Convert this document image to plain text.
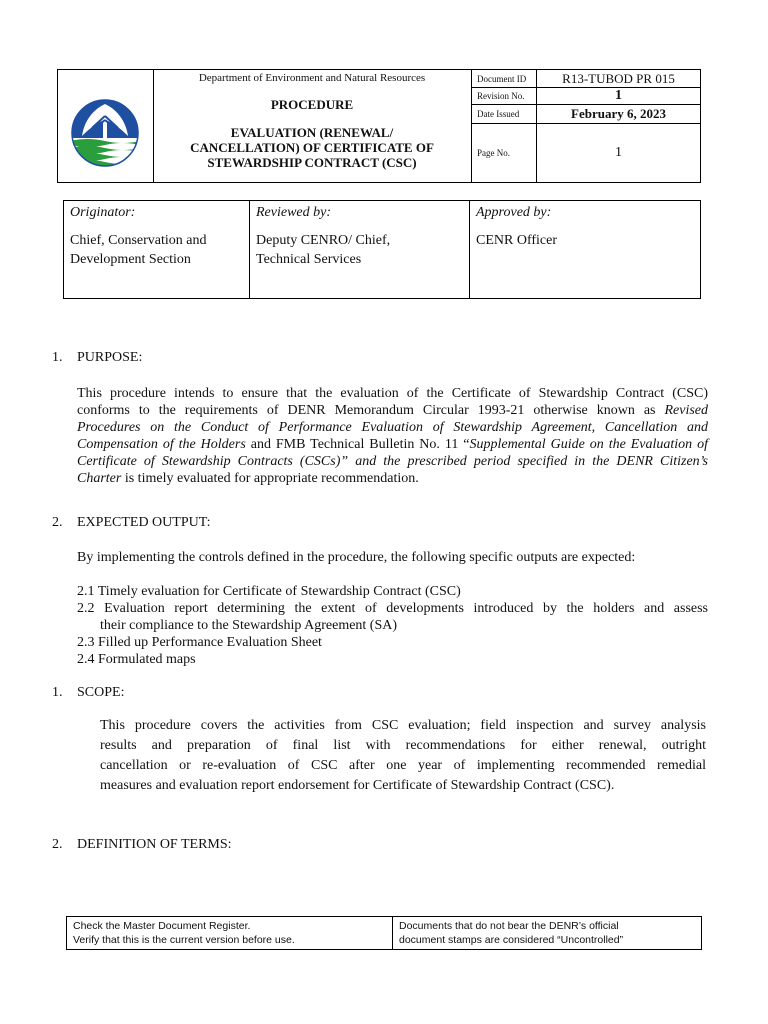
Department of Environment and Natural Resources
PROCEDURE
EVALUATION (RENEWAL/
CANCELLATION) OF CERTIFICATE OF
STEWARDSHIP CONTRACT (CSC)
Document ID	R13-TUBOD PR 015
Revision No.	1
Date Issued	February 6, 2023
Page No.	1
Originator:
Chief, Conservation and
Development Section
Reviewed by:
Deputy CENRO/ Chief,
Technical Services
Approved by:
CENR Officer
1. PURPOSE:
This procedure intends to ensure that the evaluation of the Certificate of Stewardship Contract (CSC)
conforms to the requirements of DENR Memorandum Circular 1993-21 otherwise known as Revised
Procedures on the Conduct of Performance Evaluation of Stewardship Agreement, Cancellation and
Compensation of the Holders and FMB Technical Bulletin No. 11 “Supplemental Guide on the Evaluation of
Certificate of Stewardship Contracts (CSCs)” and the prescribed period specified in the DENR Citizen’s
Charter is timely evaluated for appropriate recommendation.
2. EXPECTED OUTPUT:
By implementing the controls defined in the procedure, the following specific outputs are expected:
2.1 Timely evaluation for Certificate of Stewardship Contract (CSC)
2.2 Evaluation report determining the extent of developments introduced by the holders and assess
their compliance to the Stewardship Agreement (SA)
2.3 Filled up Performance Evaluation Sheet
2.4 Formulated maps
1. SCOPE:
This procedure covers the activities from CSC evaluation; field inspection and survey analysis
results and preparation of final list with recommendations for either renewal, outright
cancellation or re-evaluation of CSC after one year of implementing recommended remedial
measures and evaluation report endorsement for Certificate of Stewardship Contract (CSC).
2. DEFINITION OF TERMS:
Check the Master Document Register.
Verify that this is the current version before use.
Documents that do not bear the DENR’s official
document stamps are considered “Uncontrolled”
